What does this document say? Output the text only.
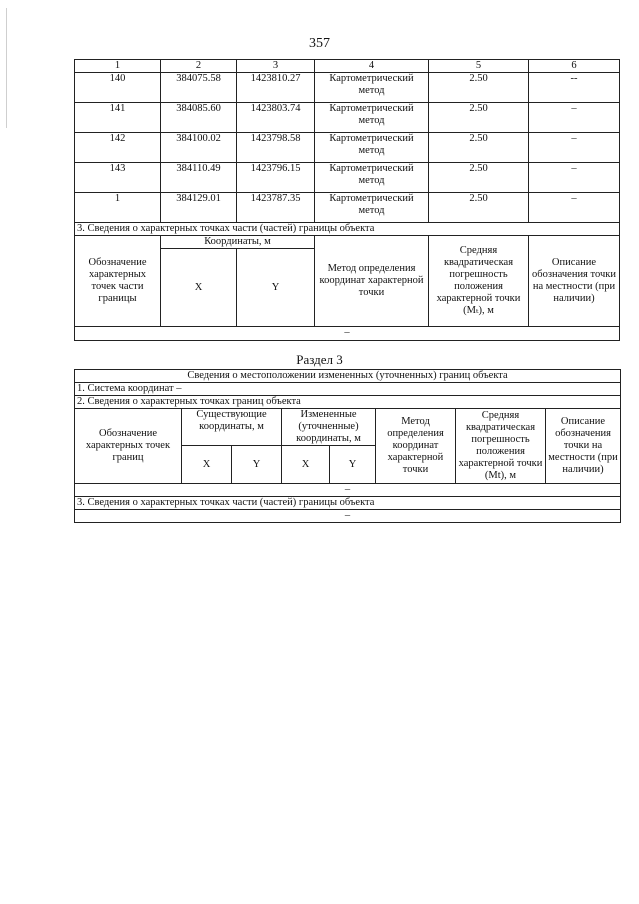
357
1	2	3	4	5	6
140	384075.58	1423810.27	Картометрический метод	2.50	--
141	384085.60	1423803.74	Картометрический метод	2.50	–
142	384100.02	1423798.58	Картометрический метод	2.50	–
143	384110.49	1423796.15	Картометрический метод	2.50	–
1	384129.01	1423787.35	Картометрический метод	2.50	–
3. Сведения о характерных точках части (частей) границы объекта					
Обозначение характерных точек части границы	Координаты, м		Метод определения координат характерной точки	Средняя квадратическая погрешность положения характерной точки (Mₜ), м	Описание обозначения точки на местности (при наличии)
	X	Y			
–					
Раздел 3
Сведения о местоположении измененных (уточненных) границ объекта							
1. Система координат –							
2. Сведения о характерных точках границ объекта							
Обозначение характерных точек границ	Существующие координаты, м		Измененные (уточненные) координаты, м		Метод определения координат характерной точки	Средняя квадратическая погрешность положения характерной точки (Mt), м	Описание обозначения точки на местности (при наличии)
	X	Y	X	Y			
–							
3. Сведения о характерных точках части (частей) границы объекта							
–							
